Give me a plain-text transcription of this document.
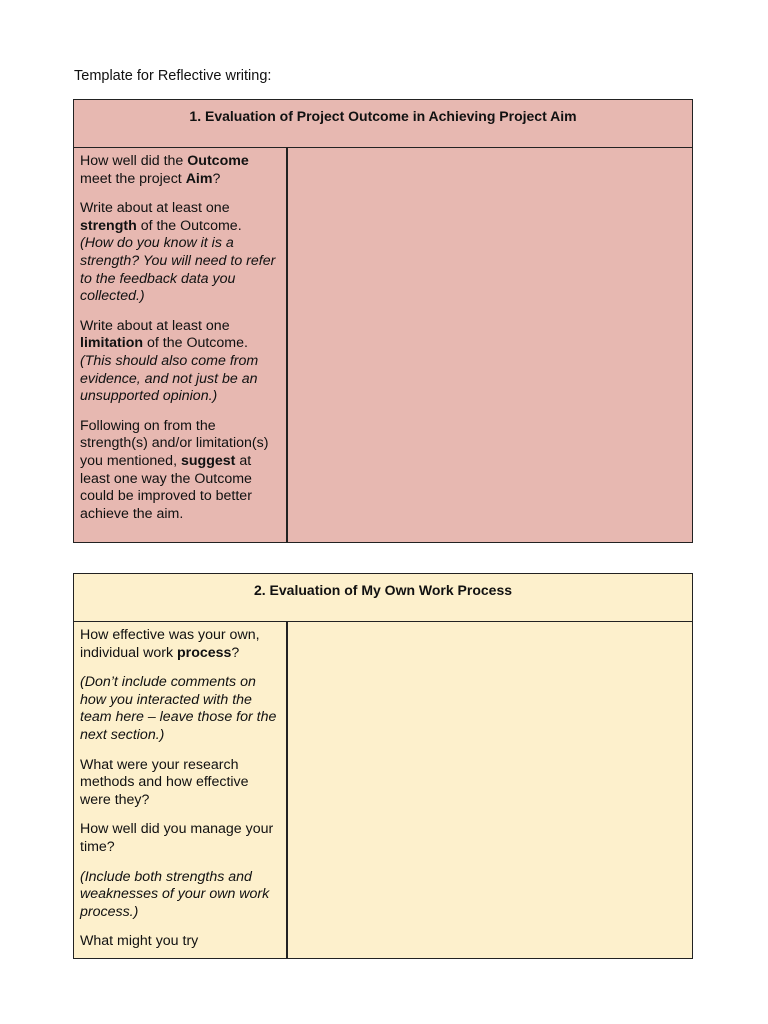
Template for Reflective writing:
1. Evaluation of Project Outcome in Achieving Project Aim

How well did the Outcome meet the project Aim?

Write about at least one strength of the Outcome.
(How do you know it is a strength? You will need to refer to the feedback data you collected.)

Write about at least one limitation of the Outcome.
(This should also come from evidence, and not just be an unsupported opinion.)

Following on from the strength(s) and/or limitation(s) you mentioned, suggest at least one way the Outcome could be improved to better achieve the aim.

2. Evaluation of My Own Work Process

How effective was your own, individual work process?

(Don’t include comments on how you interacted with the team here – leave those for the next section.)

What were your research methods and how effective were they?

How well did you manage your time?

(Include both strengths and weaknesses of your own work process.)

What might you try
